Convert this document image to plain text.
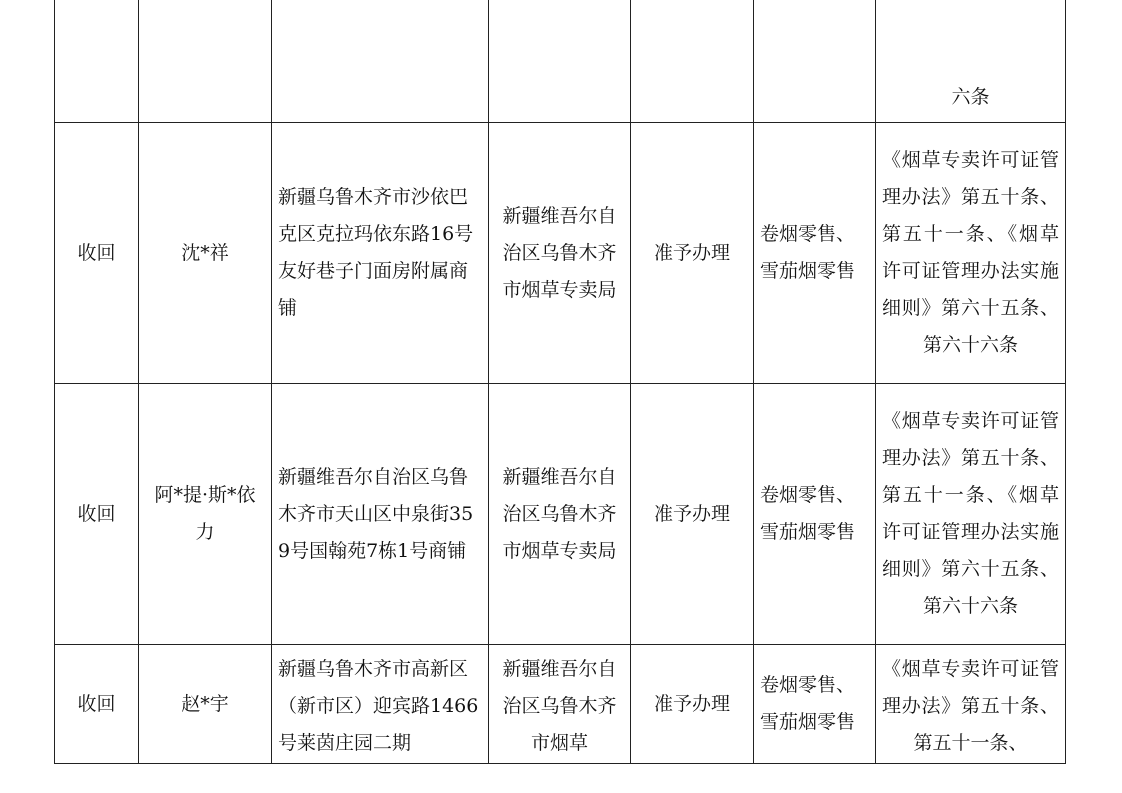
						六条

收回	沈*祥	新疆乌鲁木齐市沙依巴克区克拉玛依东路16号友好巷子门面房附属商铺	新疆维吾尔自治区乌鲁木齐市烟草专卖局	准予办理	卷烟零售、雪茄烟零售	《烟草专卖许可证管理办法》第五十条、第五十一条、《烟草许可证管理办法实施细则》第六十五条、第六十六条

收回	阿*提·斯*依力	新疆维吾尔自治区乌鲁木齐市天山区中泉街359号国翰苑7栋1号商铺	新疆维吾尔自治区乌鲁木齐市烟草专卖局	准予办理	卷烟零售、雪茄烟零售	《烟草专卖许可证管理办法》第五十条、第五十一条、《烟草许可证管理办法实施细则》第六十五条、第六十六条

收回	赵*宇	新疆乌鲁木齐市高新区（新市区）迎宾路1466号莱茵庄园二期	新疆维吾尔自治区乌鲁木齐市烟草	准予办理	卷烟零售、雪茄烟零售	《烟草专卖许可证管理办法》第五十条、第五十一条、
